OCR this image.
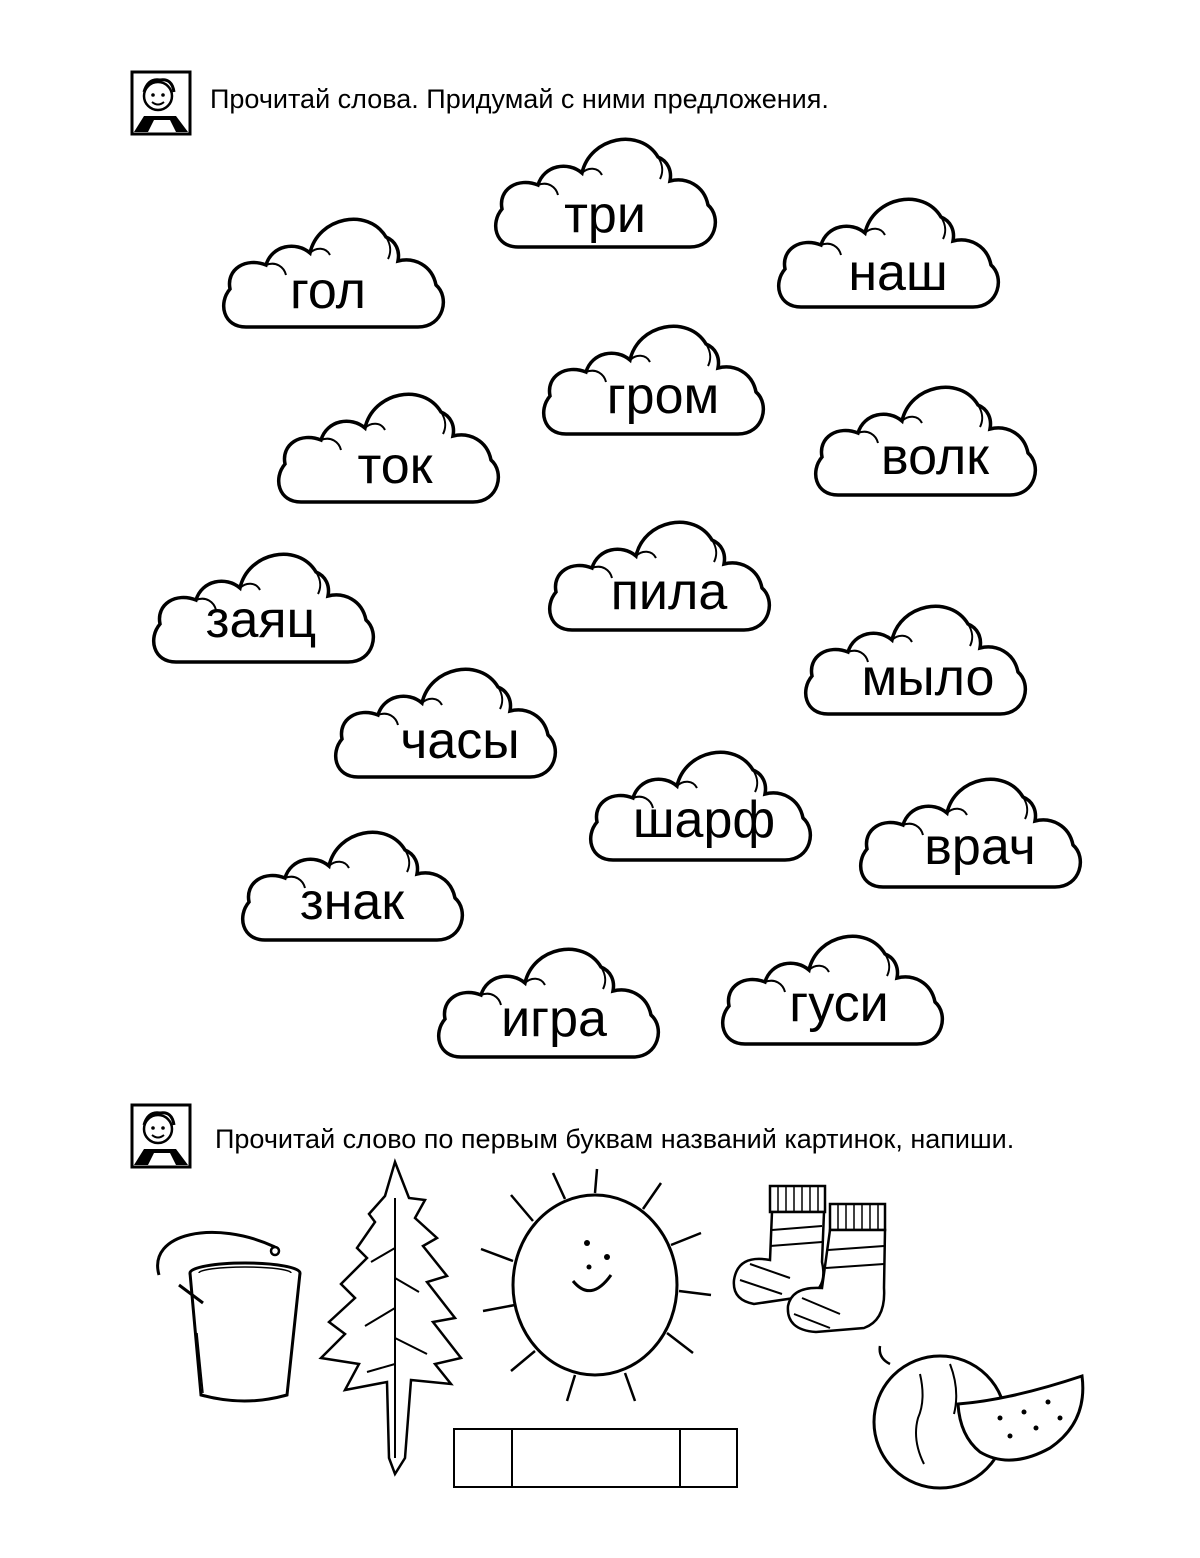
Прочитай слова. Придумай с ними предложения.
три
гол	наш
гром
ток	волк
пила
заяц
мыло
часы
шарф	врач
знак
игра	гуси
Прочитай слово по первым буквам названий картинок, напиши.
